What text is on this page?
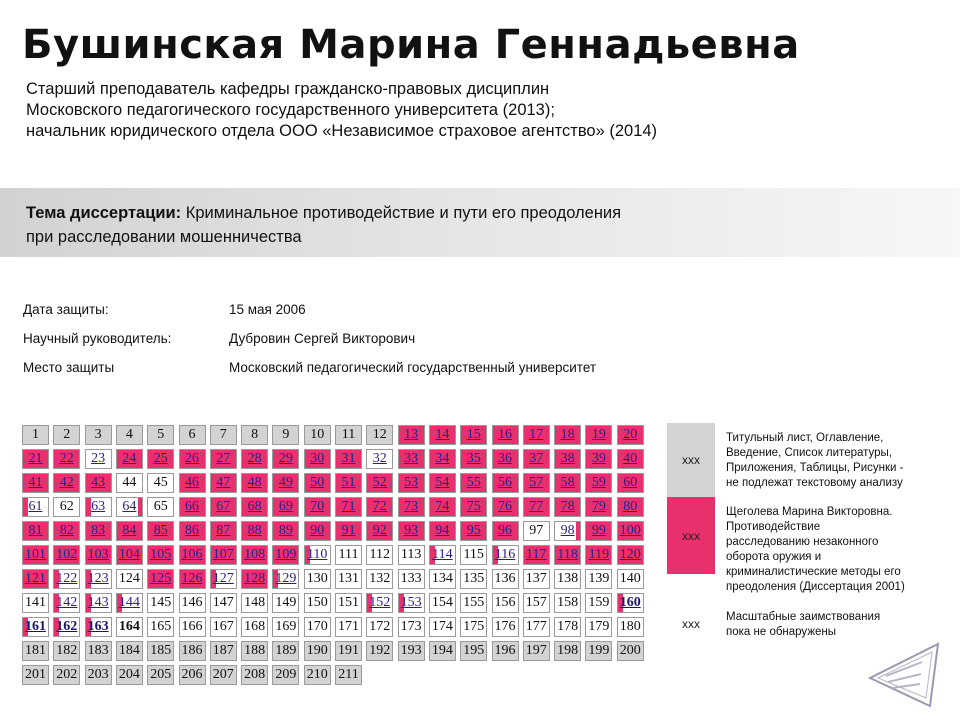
Бушинская Марина Геннадьевна
Старший преподаватель кафедры гражданско-правовых дисциплин
Московского педагогического государственного университета (2013);
начальник юридического отдела ООО «Независимое страховое агентство» (2014)
Тема диссертации: Криминальное противодействие и пути его преодоления
при расследовании мошенничества
Дата защиты:	15 мая 2006
Научный руководитель:	Дубровин Сергей Викторович
Место защиты	Московский педагогический государственный университет
1	2	3	4	5	6	7	8	9	10	11	12	13	14	15	16	17	18	19	20
21	22	23	24	25	26	27	28	29	30	31	32	33	34	35	36	37	38	39	40
41	42	43	44	45	46	47	48	49	50	51	52	53	54	55	56	57	58	59	60
61	62	63	64	65	66	67	68	69	70	71	72	73	74	75	76	77	78	79	80
81	82	83	84	85	86	87	88	89	90	91	92	93	94	95	96	97	98	99 100
101 102 103 104 105 106 107 108 109 110 111 112 113 114 115 116 117 118 119 120
121 122 123 124 125 126 127 128 129 130 131 132 133 134 135 136 137 138 139 140
141 142 143 144 145 146 147 148 149 150 151 152 153 154 155 156 157 158 159 160
161 162 163 164 165 166 167 168 169 170 171 172 173 174 175 176 177 178 179 180
181 182 183 184 185 186 187 188 189 190 191 192 193 194 195 196 197 198 199 200
201 202 203 204 205 206 207 208 209 210 211
xxx
xxx
xxx
Титульный лист, Оглавление,
Введение, Список литературы,
Приложения, Таблицы, Рисунки -
не подлежат текстовому анализу
Щеголева Марина Викторовна.
Противодействие
расследованию незаконного
оборота оружия и
криминалистические методы его
преодоления (Диссертация 2001)
Масштабные заимствования
пока не обнаружены
